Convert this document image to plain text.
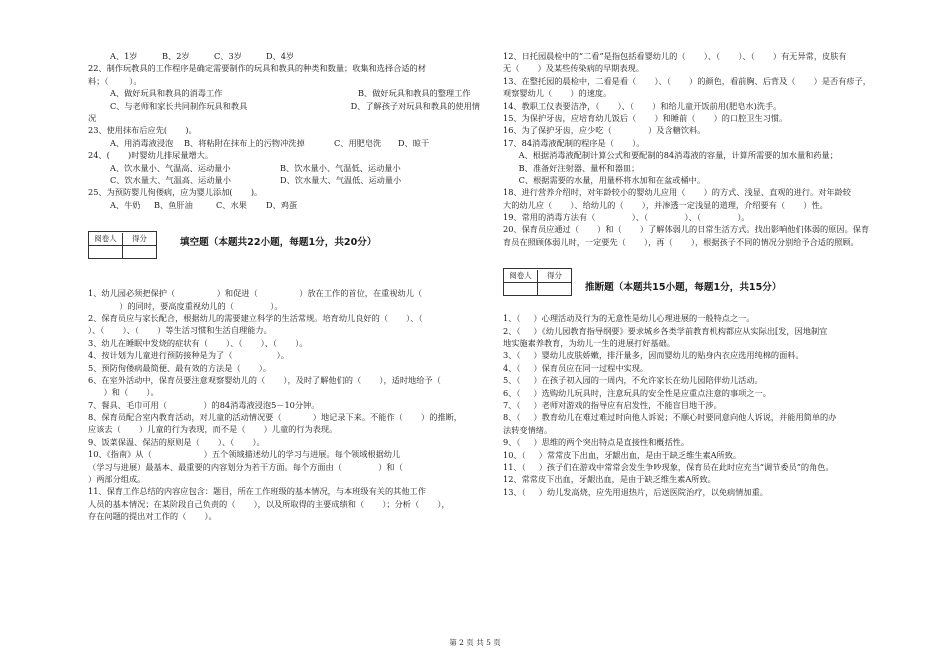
A、1岁	B、2岁	C、3岁	D、4岁
22、制作玩教具的工作程序是确定需要制作的玩具和教具的种类和数量；收集和选择合适的材
料；（        ）。
A、做好玩具和教具的消毒工作	B、做好玩具和教具的整理工作
C、与老师和家长共同制作玩具和教具	D、了解孩子对玩具和教具的使用情
况
23、使用抹布后应先(       )。
A、用消毒液浸泡	B、将粘附在抹布上的污物冲洗掉	C、用肥皂洗	D、晾干
24、(       )时婴幼儿排尿量增大。
A、饮水量小、气温高、运动量小	B、饮水量小、气温低、运动量小
C、饮水量大、气温高、运动量小	D、饮水量大、气温低、运动量小
25、为预防婴儿佝偻病，应为婴儿添加(       )。
A、牛奶	B、鱼肝油	C、水果	D、鸡蛋
阅卷人 得分	填空题（本题共22小题，每题1分，共20分）
1、幼儿园必须把保护（                ）和促进（                ）放在工作的首位，在重视幼儿（
）的同时，要高度重视幼儿的（              ）。
2、保育员应与家长配合，根据幼儿的需要建立科学的生活常规。培育幼儿良好的（       ）、（
）、（       ）、（       ）等生活习惯和生活自理能力。
3、幼儿在睡眠中发烧的症状有（       ）、（       ）、（       ）。
4、按计划为儿童进行预防接种是为了（                 ）。
5、预防佝偻病最简便、最有效的方法是（       ）。
6、在室外活动中，保育员要注意观察婴幼儿的（       ），及时了解他们的（       ），适时地给予（
）和（       ）。
7、餐具、毛巾可用（              ）的84消毒液浸泡5－10分钟。
8、保育员配合室内教育活动，对儿童的活动情况要（            ）地记录下来。不能作（       ）的推断，
应该去（       ）儿童的行为表现，而不是（       ）儿童的行为表现。
9、饭菜保温、保洁的原则是（       ）、（       ）。
10、《指南》从（                    ）五个领域描述幼儿的学习与进展。每个领域根据幼儿
（学习与进展）最基本、最重要的内容划分为若干方面。每个方面由（              ）和（
）两部分组成。
11、保育工作总结的内容应包含：题目，所在工作班级的基本情况，与本班级有关的其他工作
人员的基本情况；在某阶段自己负责的（       ），以及所取得的主要成绩和（       ）；分析（       ），
存在问题的提出对工作的（       ）。
12、日托园晨检中的“二看”是指包括看婴幼儿的（       ）、（       ）、（       ）有无异常，皮肤有
无（       ）及某些传染病的早期表现。
13、在整托园的晨检中，二看是看（       ）、（       ）的颜色，看前胸、后背及（       ）是否有疹子，
观察婴幼儿（       ）的速度。
14、教职工仪表要洁净，（       ）、（       ）和给儿童开饭前用(肥皂水)洗手。
15、为保护牙齿，应培育幼儿饭后（       ）和睡前（       ）的口腔卫生习惯。
16、为了保护牙齿，应少吃（              ）及含糖饮料。
17、84消毒液配制的程序是（       ）。
A、根据消毒液配制计算公式和要配制的84消毒液的容量，计算所需要的加水量和药量；
B、准备好注射器、量杯和器皿；
C、根据需要的水量，用量杯将水加和在盆或桶中。
18、进行营养介绍时，对年龄较小的婴幼儿应用（       ）的方式、浅显、直观的进行。对年龄较
大的幼儿应（       ）、给幼儿的（       ），并渗透一定浅显的道理，介绍要有（       ）性。
19、常用的消毒方法有（              ）、（              ）、（              ）。
20、保育员应通过（       ）和（       ）了解体弱儿的日常生活方式。找出影响他们体弱的原因。保育
育员在照顾体弱儿时，一定要先（       ），再（       ），根据孩子不同的情况分别给予合适的照顾。
阅卷人 得分
推断题（本题共15小题，每题1分，共15分）
1、（     ）心理活动及行为的无意性是幼儿心理进展的一般特点之一。
2、（     ）《幼儿园教育指导纲要》要求城乡各类学前教育机构都应从实际出[发，因地制宜
地实施素养教育，为幼儿一生的进展打好基础。
3、（     ）婴幼儿皮肤娇嫩，排汗量多，因而婴幼儿的贴身内衣应选用纯棉的面料。
4、（     ）保育员应在同一过程中实现。
5、（     ）在孩子初入园的一周内，不允许家长在幼儿园陪伴幼儿活动。
6、（     ）选购幼儿玩具时，注意玩具的安全性是应重点注意的事项之一。
7、（     ）老师对游戏的指导应有启发性，不能盲目地干涉。
8、（     ）教育幼儿在难过难过时向他人诉说；不顺心时要同意向他人诉说，并能用简单的办
法转变情绪。
9、（     ）思维的两个突出特点是直接性和概括性。
10、（     ）常常皮下出血，牙龈出血，是由于缺乏维生素A所致。
11、（     ）孩子们在游戏中常常会发生争吵现象，保育员在此时应充当“调节委员”的角色。
12、常常皮下出血，牙龈出血，是由于缺乏维生素A所致。
13、（     ）幼儿发高烧，应先用退热片，后送医院治疗，以免病情加重。
第 2 页 共 5 页
